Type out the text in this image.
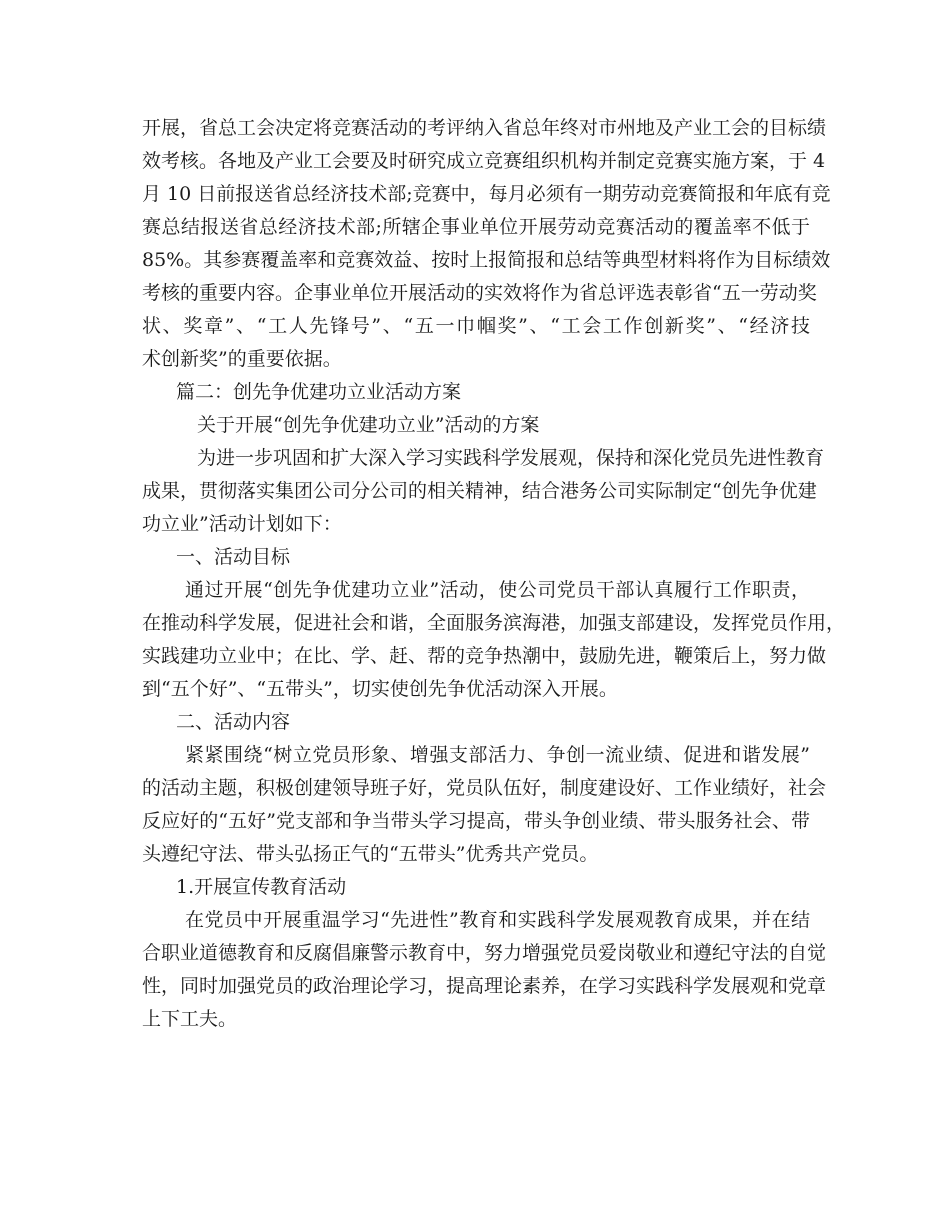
开展，省总工会决定将竞赛活动的考评纳入省总年终对市州地及产业工会的目标绩
效考核。各地及产业工会要及时研究成立竞赛组织机构并制定竞赛实施方案，于 4
月 10 日前报送省总经济技术部;竞赛中，每月必须有一期劳动竞赛简报和年底有竞
赛总结报送省总经济技术部;所辖企事业单位开展劳动竞赛活动的覆盖率不低于
85%。其参赛覆盖率和竞赛效益、按时上报简报和总结等典型材料将作为目标绩效
考核的重要内容。企事业单位开展活动的实效将作为省总评选表彰省“五一劳动奖
状、奖章”、“工人先锋号”、“五一巾帼奖”、“工会工作创新奖”、“经济技
术创新奖”的重要依据。
篇二：创先争优建功立业活动方案
关于开展“创先争优建功立业”活动的方案
为进一步巩固和扩大深入学习实践科学发展观，保持和深化党员先进性教育
成果，贯彻落实集团公司分公司的相关精神，结合港务公司实际制定“创先争优建
功立业”活动计划如下：
一、活动目标
通过开展“创先争优建功立业”活动，使公司党员干部认真履行工作职责，
在推动科学发展，促进社会和谐，全面服务滨海港，加强支部建设，发挥党员作用，
实践建功立业中；在比、学、赶、帮的竞争热潮中，鼓励先进，鞭策后上，努力做
到“五个好”、“五带头”，切实使创先争优活动深入开展。
二、活动内容
紧紧围绕“树立党员形象、增强支部活力、争创一流业绩、促进和谐发展”
的活动主题，积极创建领导班子好，党员队伍好，制度建设好、工作业绩好，社会
反应好的“五好”党支部和争当带头学习提高，带头争创业绩、带头服务社会、带
头遵纪守法、带头弘扬正气的“五带头”优秀共产党员。
1.开展宣传教育活动
在党员中开展重温学习“先进性”教育和实践科学发展观教育成果，并在结
合职业道德教育和反腐倡廉警示教育中，努力增强党员爱岗敬业和遵纪守法的自觉
性，同时加强党员的政治理论学习，提高理论素养，在学习实践科学发展观和党章
上下工夫。
